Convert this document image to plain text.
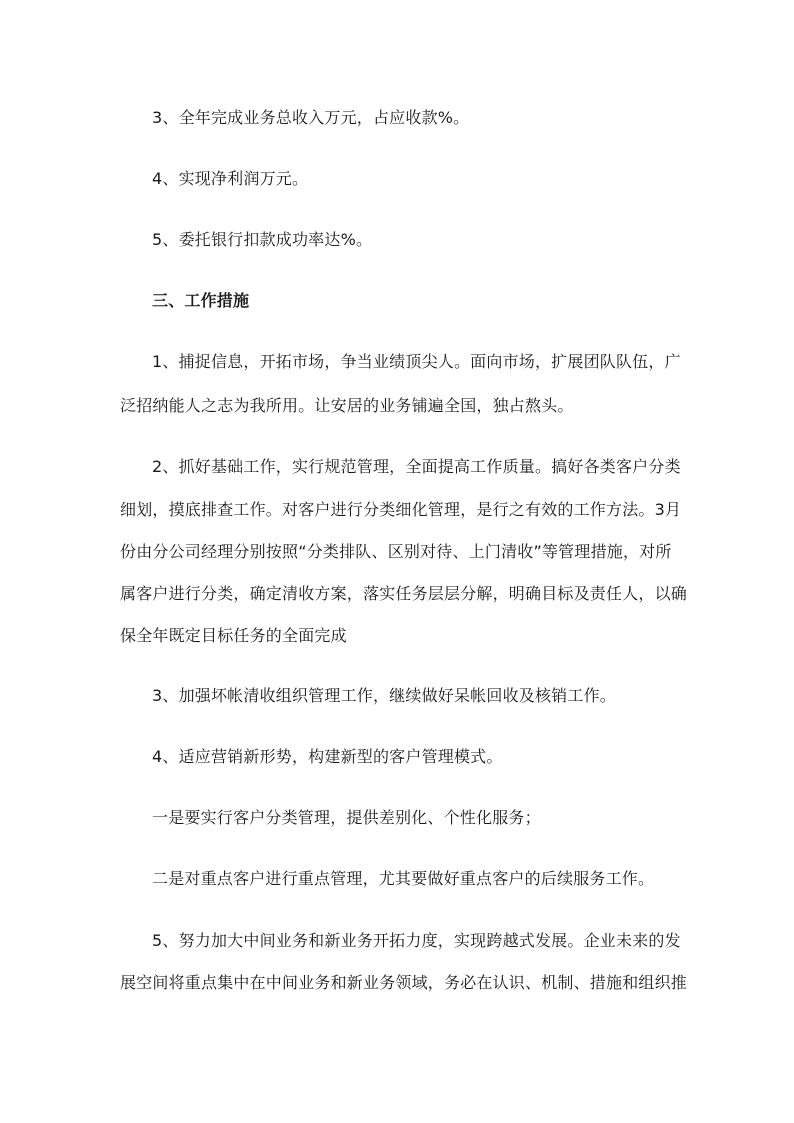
3、全年完成业务总收入万元，占应收款%。
4、实现净利润万元。
5、委托银行扣款成功率达%。
三、工作措施
1、捕捉信息，开拓市场，争当业绩顶尖人。面向市场，扩展团队队伍，广
泛招纳能人之志为我所用。让安居的业务铺遍全国，独占熬头。
2、抓好基础工作，实行规范管理，全面提高工作质量。搞好各类客户分类
细划，摸底排查工作。对客户进行分类细化管理，是行之有效的工作方法。3月
份由分公司经理分别按照“分类排队、区别对待、上门清收”等管理措施，对所
属客户进行分类，确定清收方案，落实任务层层分解，明确目标及责任人，以确
保全年既定目标任务的全面完成
3、加强坏帐清收组织管理工作，继续做好呆帐回收及核销工作。
4、适应营销新形势，构建新型的客户管理模式。
一是要实行客户分类管理，提供差别化、个性化服务；
二是对重点客户进行重点管理，尤其要做好重点客户的后续服务工作。
5、努力加大中间业务和新业务开拓力度，实现跨越式发展。企业未来的发
展空间将重点集中在中间业务和新业务领域，务必在认识、机制、措施和组织推
